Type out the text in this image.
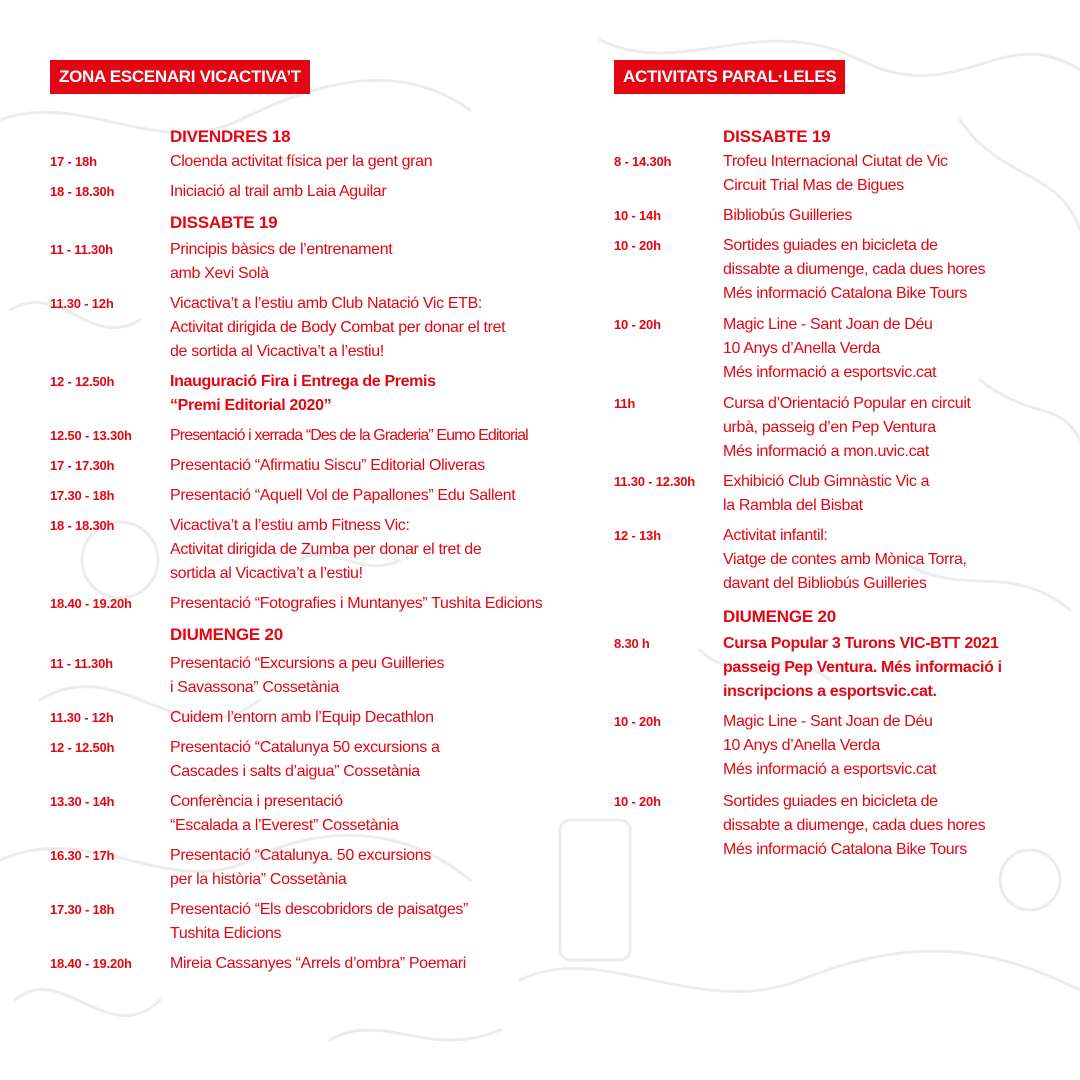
ZONA ESCENARI VICACTIVA’T
DIVENDRES 18
17 - 18h	Cloenda activitat física per la gent gran
18 - 18.30h	Iniciació al trail amb Laia Aguilar
DISSABTE 19
11 - 11.30h	Principis bàsics de l’entrenament
amb Xevi Solà
11.30 - 12h	Vicactiva’t a l’estiu amb Club Natació Vic ETB:
Activitat dirigida de Body Combat per donar el tret
de sortida al Vicactiva’t a l’estiu!
12 - 12.50h	Inauguració Fira i Entrega de Premis
“Premi Editorial 2020”
12.50 - 13.30h	Presentació i xerrada “Des de la Graderia” Eumo Editorial
17 - 17.30h	Presentació “Afirmatiu Siscu” Editorial Oliveras
17.30 - 18h	Presentació “Aquell Vol de Papallones” Edu Sallent
18 - 18.30h	Vicactiva’t a l’estiu amb Fitness Vic:
Activitat dirigida de Zumba per donar el tret de
sortida al Vicactiva’t a l’estiu!
18.40 - 19.20h	Presentació “Fotografies i Muntanyes” Tushita Edicions
DIUMENGE 20
11 - 11.30h	Presentació “Excursions a peu Guilleries
i Savassona” Cossetània
11.30 - 12h	Cuidem l’entorn amb l’Equip Decathlon
12 - 12.50h	Presentació “Catalunya 50 excursions a
Cascades i salts d’aigua” Cossetània
13.30 - 14h	Conferència i presentació
“Escalada a l’Everest” Cossetània
16.30 - 17h	Presentació “Catalunya. 50 excursions
per la història” Cossetània
17.30 - 18h	Presentació “Els descobridors de paisatges”
Tushita Edicions
18.40 - 19.20h	Mireia Cassanyes “Arrels d’ombra” Poemari
ACTIVITATS PARAL·LELES
DISSABTE 19
8 - 14.30h	Trofeu Internacional Ciutat de Vic
Circuit Trial Mas de Bigues
10 - 14h	Bibliobús Guilleries
10 - 20h	Sortides guiades en bicicleta de
dissabte a diumenge, cada dues hores
Més informació Catalona Bike Tours
10 - 20h	Magic Line - Sant Joan de Déu
10 Anys d’Anella Verda
Més informació a esportsvic.cat
11h	Cursa d’Orientació Popular en circuit
urbà, passeig d’en Pep Ventura
Més informació a mon.uvic.cat
11.30 - 12.30h	Exhibició Club Gimnàstic Vic a
la Rambla del Bisbat
12 - 13h	Activitat infantil:
Viatge de contes amb Mònica Torra,
davant del Bibliobús Guilleries
DIUMENGE 20
8.30 h	Cursa Popular 3 Turons VIC-BTT 2021
passeig Pep Ventura. Més informació i
inscripcions a esportsvic.cat.
10 - 20h	Magic Line - Sant Joan de Déu
10 Anys d’Anella Verda
Més informació a esportsvic.cat
10 - 20h	Sortides guiades en bicicleta de
dissabte a diumenge, cada dues hores
Més informació Catalona Bike Tours
